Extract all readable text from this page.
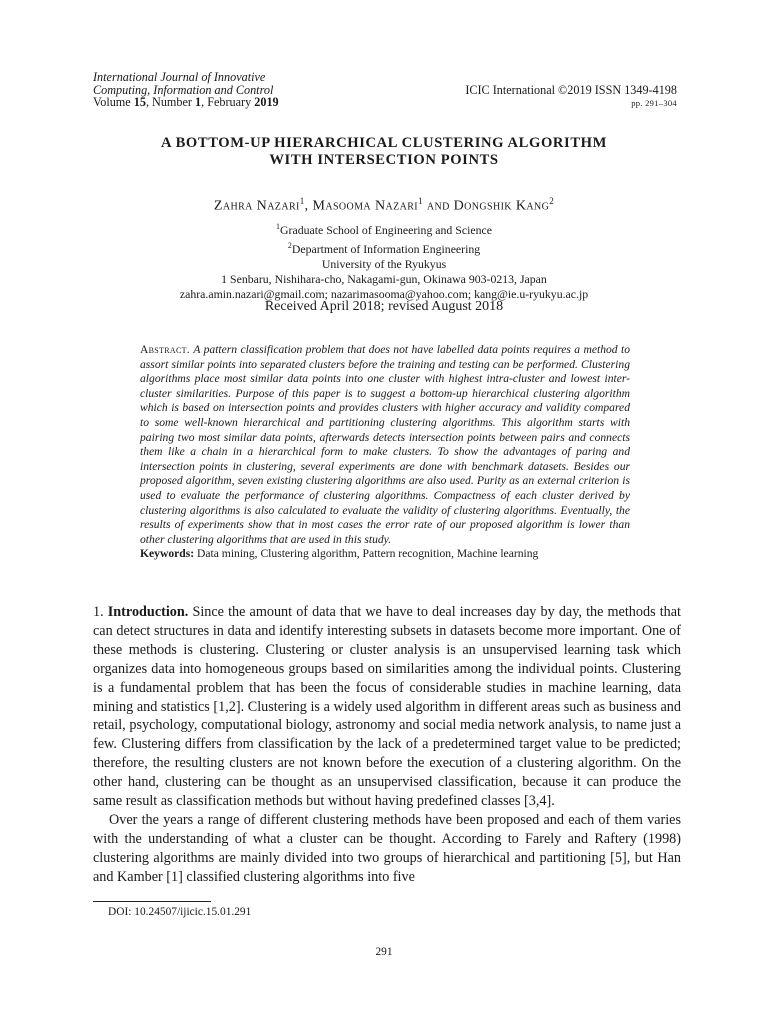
International Journal of Innovative
Computing, Information and Control
Volume 15, Number 1, February 2019
ICIC International ©2019 ISSN 1349-4198
pp. 291–304
A BOTTOM-UP HIERARCHICAL CLUSTERING ALGORITHM
WITH INTERSECTION POINTS
Zahra Nazari$^1$, Masooma Nazari$^1$ and Dongshik Kang$^2$
$^1$Graduate School of Engineering and Science
$^2$Department of Information Engineering
University of the Ryukyus
1 Senbaru, Nishihara-cho, Nakagami-gun, Okinawa 903-0213, Japan
zahra.amin.nazari@gmail.com; nazarimasooma@yahoo.com; kang@ie.u-ryukyu.ac.jp
Received April 2018; revised August 2018
Abstract. A pattern classification problem that does not have labelled data points requires a method to assort similar points into separated clusters before the training and testing can be performed. Clustering algorithms place most similar data points into one cluster with highest intra-cluster and lowest inter-cluster similarities. Purpose of this paper is to suggest a bottom-up hierarchical clustering algorithm which is based on intersection points and provides clusters with higher accuracy and validity compared to some well-known hierarchical and partitioning clustering algorithms. This algorithm starts with pairing two most similar data points, afterwards detects intersection points between pairs and connects them like a chain in a hierarchical form to make clusters. To show the advantages of paring and intersection points in clustering, several experiments are done with benchmark datasets. Besides our proposed algorithm, seven existing clustering algorithms are also used. Purity as an external criterion is used to evaluate the performance of clustering algorithms. Compactness of each cluster derived by clustering algorithms is also calculated to evaluate the validity of clustering algorithms. Eventually, the results of experiments show that in most cases the error rate of our proposed algorithm is lower than other clustering algorithms that are used in this study.
Keywords: Data mining, Clustering algorithm, Pattern recognition, Machine learning

1. Introduction. Since the amount of data that we have to deal increases day by day, the methods that can detect structures in data and identify interesting subsets in datasets become more important. One of these methods is clustering. Clustering or cluster analysis is an unsupervised learning task which organizes data into homogeneous groups based on similarities among the individual points. Clustering is a fundamental problem that has been the focus of considerable studies in machine learning, data mining and statistics [1,2]. Clustering is a widely used algorithm in different areas such as business and retail, psychology, computational biology, astronomy and social media network analysis, to name just a few. Clustering differs from classification by the lack of a predetermined target value to be predicted; therefore, the resulting clusters are not known before the execution of a clustering algorithm. On the other hand, clustering can be thought as an unsupervised classification, because it can produce the same result as classification methods but without having predefined classes [3,4].

Over the years a range of different clustering methods have been proposed and each of them varies with the understanding of what a cluster can be thought. According to Farely and Raftery (1998) clustering algorithms are mainly divided into two groups of hierarchical and partitioning [5], but Han and Kamber [1] classified clustering algorithms into five

DOI: 10.24507/ijicic.15.01.291
291
